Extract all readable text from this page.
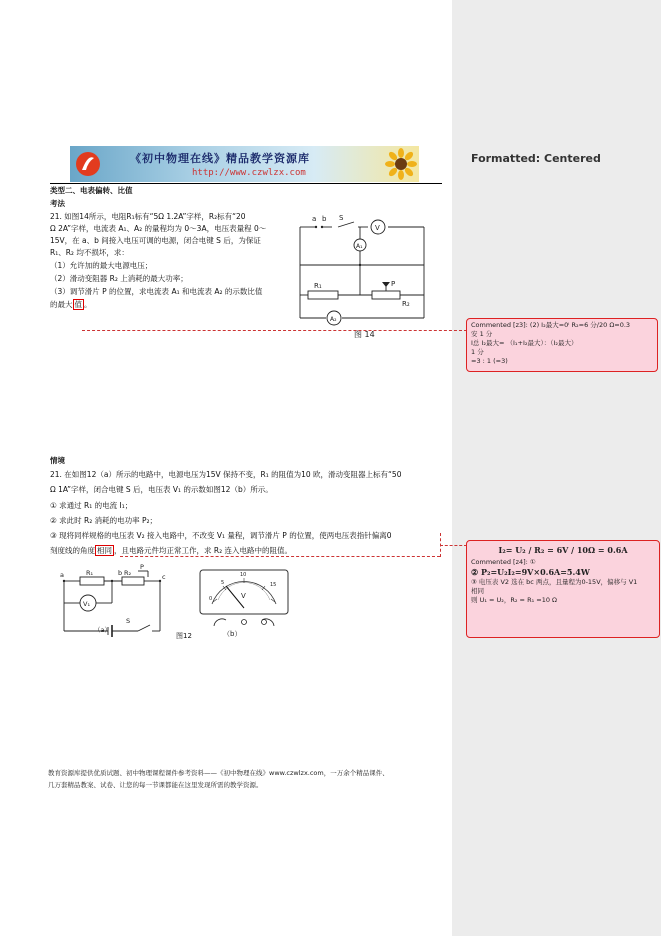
Formatted: Centered
《初中物理在线》精品教学资源库
http://www.czwlzx.com
类型二、电表偏转、比值
考法
21. 如图14所示，电阻R₁标有“5Ω 1.2A”字样，R₂标有“20
Ω 2A”字样，电流表 A₁、A₂ 的量程均为 0～3A，电压表量程 0～
15V，在 a、b 间接入电压可调的电源，闭合电键 S 后，为保证
R₁、R₂ 均不损坏，求：
（1）允许加的最大电源电压；
（2）滑动变阻器 R₂ 上消耗的最大功率；
（3）调节滑片 P 的位置，求电流表 A₁ 和电流表 A₂ 的示数比值
的最大 值 。
a b S
V
A₁
R₁	P
R₂
A₂
图 14
Commented [z3]: (2) I₂最大=0ⁱ R₂=6 分/20 Ω=0.3
安 1 分
I总 I₂最大= （I₁+I₂最大）：（I₂最大）
1 分
=3 : 1 (=3)
情境
21. 在如图12（a）所示的电路中，电源电压为15V 保持不变，R₁ 的阻值为10 欧，滑动变阻器上标有“50
Ω 1A”字样，闭合电键 S 后，电压表 V₁ 的示数如图12（b）所示。
① 求通过 R₁ 的电流 I₁；
② 求此时 R₂ 消耗的电功率 P₂；
③ 现将同样规格的电压表 V₂ 接入电路中，不改变 V₁ 量程，调节滑片 P 的位置，使两电压表指针偏离0
刻度线的角度 相同 ，且电路元件均正常工作，求 R₂ 连入电路中的阻值。
a	R₁	R₂
b
P
c
V₁
S
（a）
图12
0
5
10
15
V
（b）
I₂= U₂ / R₂ = 6V / 10Ω = 0.6A
Commented [z4]: ①
② P₂=U₂I₂=9V×0.6A=5.4W
③ 电压表 V2 选在 bc 两点，且量程为0-15V，偏移与 V1
相同
则 U₁ = U₂，R₂ = R₁ =10 Ω
教育资源库提供优质试题、初中物理课程课件参考资料——《初中物理在线》www.czwlzx.com，一万余个精品课件、
几万套精品教案、试卷、让您的每一节课都能在这里发现所需的教学资源。
